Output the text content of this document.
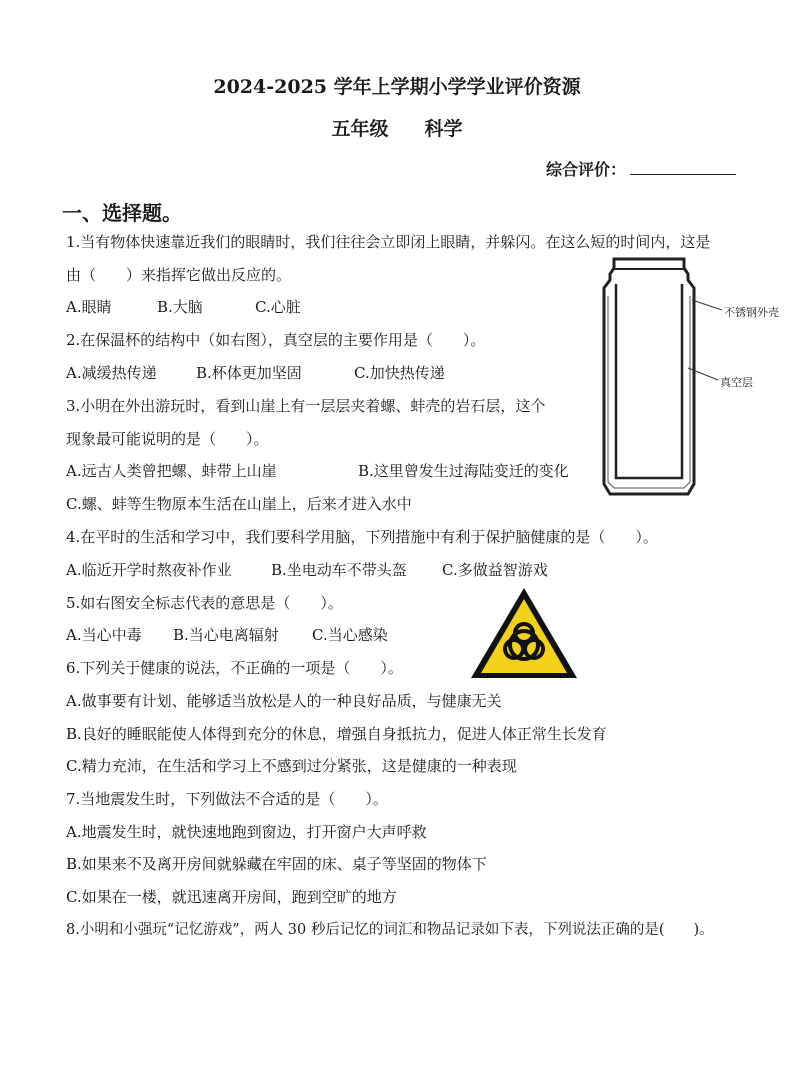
2024-2025 学年上学期小学学业评价资源
五年级 科学
综合评价：
一、选择题。
1.当有物体快速靠近我们的眼睛时，我们往往会立即闭上眼睛，并躲闪。在这么短的时间内，这是
由（　　）来指挥它做出反应的。
A.眼睛	B.大脑	C.心脏
2.在保温杯的结构中（如右图），真空层的主要作用是（　　）。
A.减缓热传递	B.杯体更加坚固	C.加快热传递
3.小明在外出游玩时，看到山崖上有一层层夹着螺、蚌壳的岩石层，这个
现象最可能说明的是（　　）。
A.远古人类曾把螺、蚌带上山崖	B.这里曾发生过海陆变迁的变化
C.螺、蚌等生物原本生活在山崖上，后来才进入水中
4.在平时的生活和学习中，我们要科学用脑，下列措施中有利于保护脑健康的是（　　）。
A.临近开学时熬夜补作业	B.坐电动车不带头盔 C.多做益智游戏
5.如右图安全标志代表的意思是（　　）。
A.当心中毒 B.当心电离辐射 C.当心感染
6.下列关于健康的说法，不正确的一项是（　　）。
A.做事要有计划、能够适当放松是人的一种良好品质，与健康无关
B.良好的睡眠能使人体得到充分的休息，增强自身抵抗力，促进人体正常生长发育
C.精力充沛，在生活和学习上不感到过分紧张，这是健康的一种表现
7.当地震发生时，下列做法不合适的是（　　）。
A.地震发生时，就快速地跑到窗边，打开窗户大声呼救
B.如果来不及离开房间就躲藏在牢固的床、桌子等坚固的物体下
C.如果在一楼，就迅速离开房间，跑到空旷的地方
8.小明和小强玩“记忆游戏”，两人 30 秒后记忆的词汇和物品记录如下表，下列说法正确的是(　　)。
不锈钢外壳
真空层
